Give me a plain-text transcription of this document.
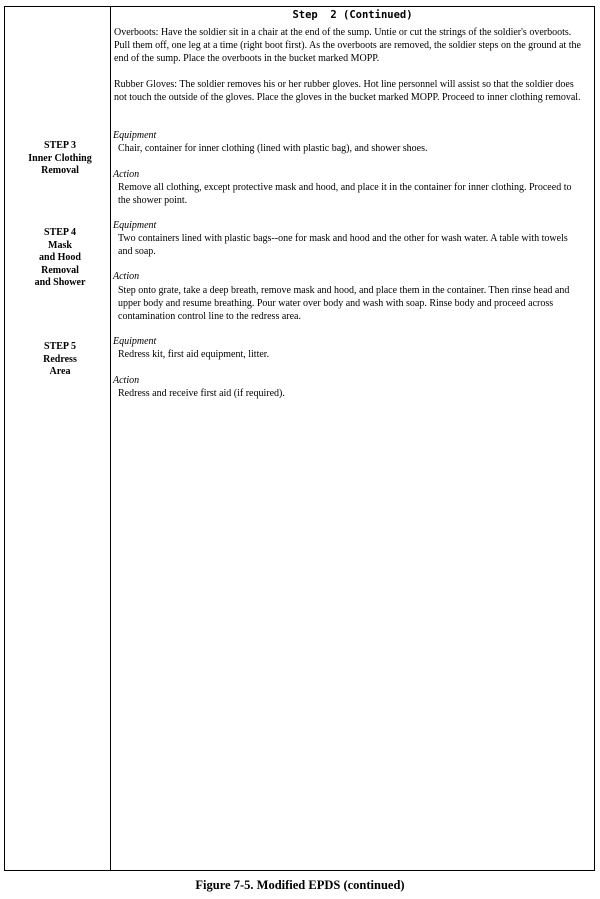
Step  2 (Continued)
Overboots: Have the soldier sit in a chair at the end of the sump. Untie or cut the strings of the soldier's overboots. Pull them off, one leg at a time (right boot first). As the overboots are removed, the soldier steps on the ground at the end of the sump. Place the overboots in the bucket marked MOPP.
Rubber Gloves: The soldier removes his or her rubber gloves. Hot line personnel will assist so that the soldier does not touch the outside of the gloves. Place the gloves in the bucket marked MOPP. Proceed to inner clothing removal.
STEP 3
Inner Clothing
Removal
Equipment
Chair, container for inner clothing (lined with plastic bag), and shower shoes.
Action
Remove all clothing, except protective mask and hood, and place it in the container for inner clothing. Proceed to the shower point.
STEP 4
Mask
and Hood
Removal
and Shower
Equipment
Two containers lined with plastic bags--one for mask and hood and the other for wash water. A table with towels and soap.
Action
Step onto grate, take a deep breath, remove mask and hood, and place them in the container. Then rinse head and upper body and resume breathing. Pour water over body and wash with soap. Rinse body and proceed across contamination control line to the redress area.
STEP 5
Redress
Area
Equipment
Redress kit, first aid equipment, litter.
Action
Redress and receive first aid (if required).
Figure 7-5. Modified EPDS (continued)
